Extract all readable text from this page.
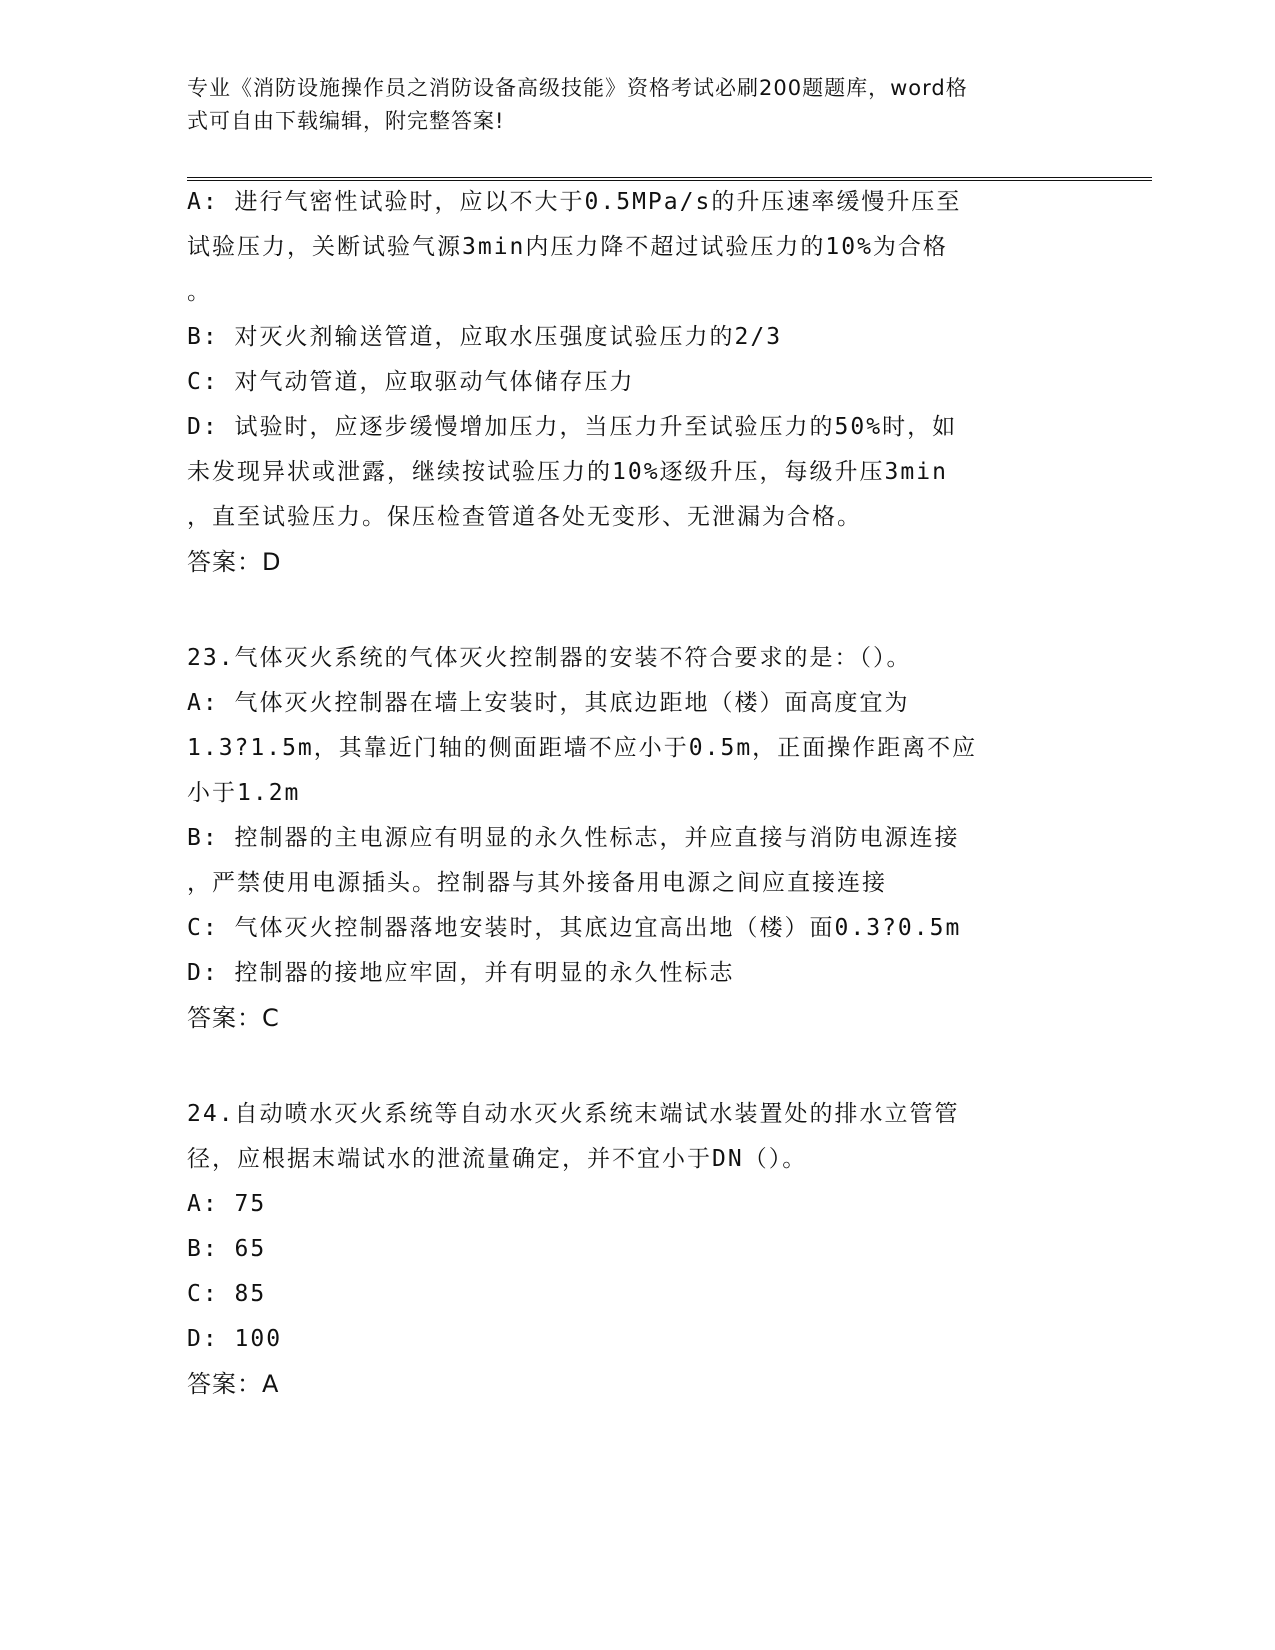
专业《消防设施操作员之消防设备高级技能》资格考试必刷200题题库，word格
式可自由下载编辑，附完整答案!
A: 进行气密性试验时，应以不大于0.5MPa/s的升压速率缓慢升压至
试验压力，关断试验气源3min内压力降不超过试验压力的10%为合格
。
B: 对灭火剂输送管道，应取水压强度试验压力的2/3
C: 对气动管道，应取驱动气体储存压力
D: 试验时，应逐步缓慢增加压力，当压力升至试验压力的50%时，如
未发现异状或泄露，继续按试验压力的10%逐级升压，每级升压3min
，直至试验压力。保压检查管道各处无变形、无泄漏为合格。
答案：D
23.气体灭火系统的气体灭火控制器的安装不符合要求的是：（）。
A: 气体灭火控制器在墙上安装时，其底边距地（楼）面高度宜为
1.3?1.5m，其靠近门轴的侧面距墙不应小于0.5m，正面操作距离不应
小于1.2m
B: 控制器的主电源应有明显的永久性标志，并应直接与消防电源连接
，严禁使用电源插头。控制器与其外接备用电源之间应直接连接
C: 气体灭火控制器落地安装时，其底边宜高出地（楼）面0.3?0.5m
D: 控制器的接地应牢固，并有明显的永久性标志
答案：C
24.自动喷水灭火系统等自动水灭火系统末端试水装置处的排水立管管
径，应根据末端试水的泄流量确定，并不宜小于DN（）。
A: 75
B: 65
C: 85
D: 100
答案：A
